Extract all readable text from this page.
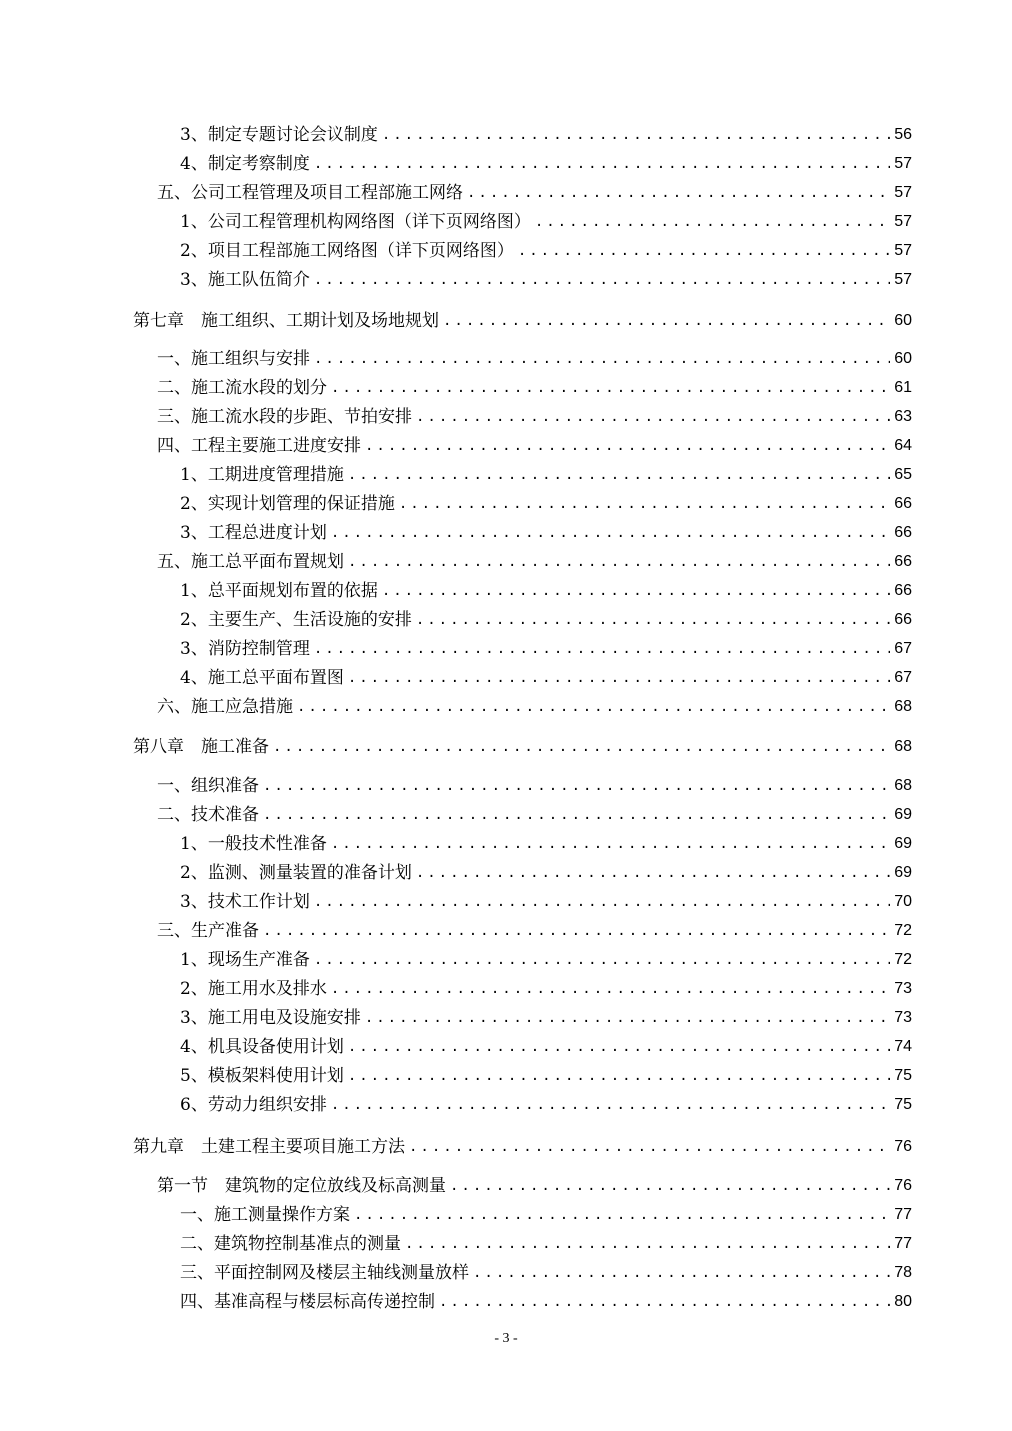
3、制定专题讨论会议制度 .....	56
4、制定考察制度 .....	57
五、公司工程管理及项目工程部施工网络 .....	57
1、公司工程管理机构网络图（详下页网络图） .....	57
2、项目工程部施工网络图（详下页网络图） .....	57
3、施工队伍简介 .....	57
第七章　施工组织、工期计划及场地规划 .....	60
一、施工组织与安排 .....	60
二、施工流水段的划分 .....	61
三、施工流水段的步距、节拍安排 .....	63
四、工程主要施工进度安排 .....	64
1、工期进度管理措施 .....	65
2、实现计划管理的保证措施 .....	66
3、工程总进度计划 .....	66
五、施工总平面布置规划 .....	66
1、总平面规划布置的依据 .....	66
2、主要生产、生活设施的安排 .....	66
3、消防控制管理 .....	67
4、施工总平面布置图 .....	67
六、施工应急措施 .....	68
第八章　施工准备 .....	68
一、组织准备 .....	68
二、技术准备 .....	69
1、一般技术性准备 .....	69
2、监测、测量装置的准备计划 .....	69
3、技术工作计划 .....	70
三、生产准备 .....	72
1、现场生产准备 .....	72
2、施工用水及排水 .....	73
3、施工用电及设施安排 .....	73
4、机具设备使用计划 .....	74
5、模板架料使用计划 .....	75
6、劳动力组织安排 .....	75
第九章　土建工程主要项目施工方法 .....	76
第一节　建筑物的定位放线及标高测量 .....	76
一、施工测量操作方案 .....	77
二、建筑物控制基准点的测量 .....	77
三、平面控制网及楼层主轴线测量放样 .....	78
四、基准高程与楼层标高传递控制 .....	80
- 3 -
